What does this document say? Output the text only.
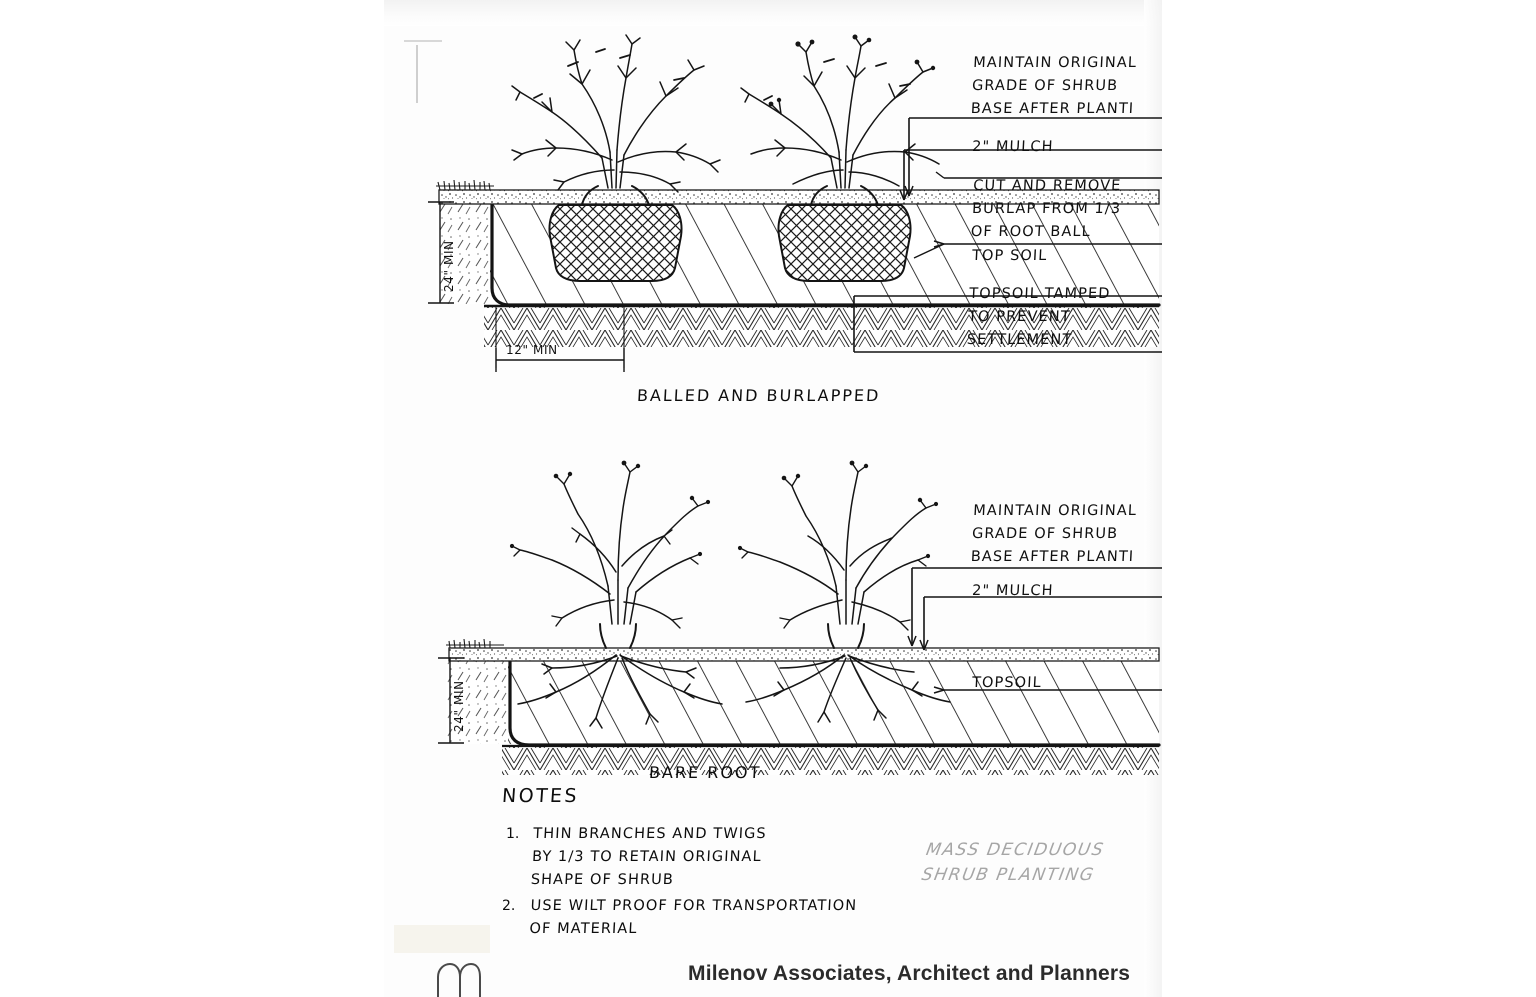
MAINTAIN ORIGINAL
GRADE OF SHRUB
BASE AFTER PLANTI
2" MULCH
CUT AND REMOVE
BURLAP FROM 1/3
OF ROOT BALL
TOP SOIL
TOPSOIL TAMPED
TO PREVENT
SETTLEMENT
24" MIN
12" MIN
BALLED AND BURLAPPED
MAINTAIN ORIGINAL
GRADE OF SHRUB
BASE AFTER PLANTI
2" MULCH
TOPSOIL
24" MIN
BARE ROOT
NOTES
1. THIN BRANCHES AND TWIGS
BY 1/3 TO RETAIN ORIGINAL
SHAPE OF SHRUB
2. USE WILT PROOF FOR TRANSPORTATION
OF MATERIAL
MASS DECIDUOUS
SHRUB PLANTING
Milenov Associates, Architect and Planners
